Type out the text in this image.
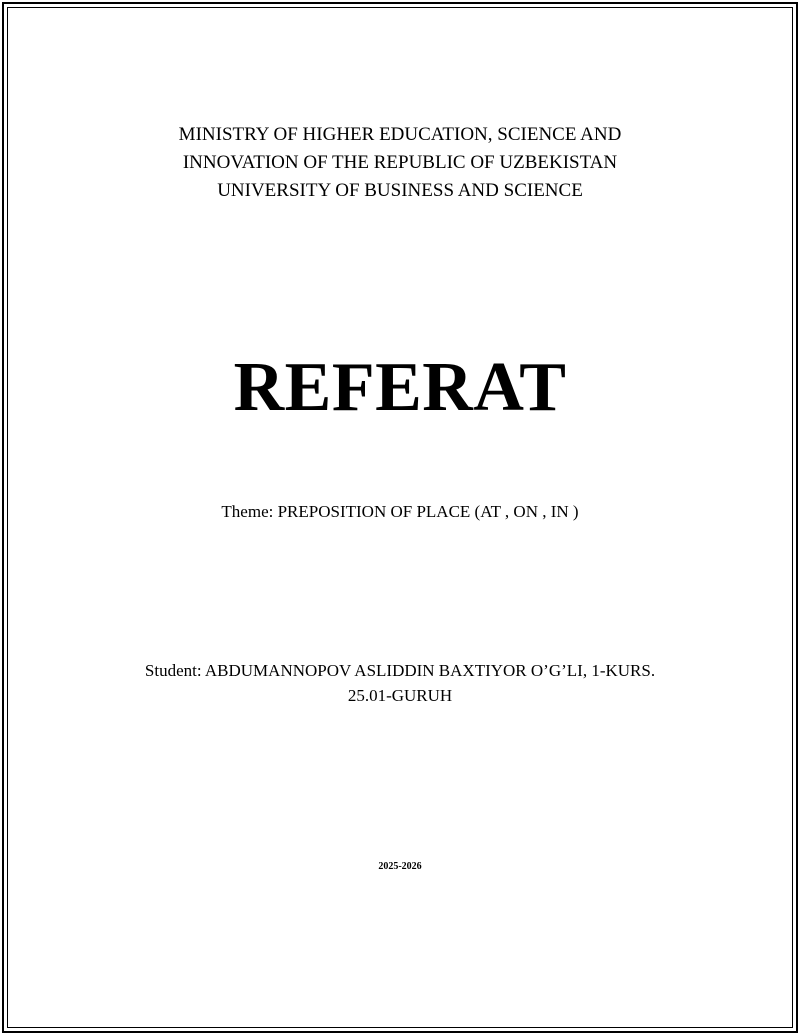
MINISTRY OF HIGHER EDUCATION, SCIENCE AND
INNOVATION OF THE REPUBLIC OF UZBEKISTAN
UNIVERSITY OF BUSINESS AND SCIENCE
REFERAT
Theme: PREPOSITION OF PLACE (AT , ON , IN )
Student: ABDUMANNOPOV ASLIDDIN BAXTIYOR O’G’LI, 1-KURS.
25.01-GURUH
2025-2026
